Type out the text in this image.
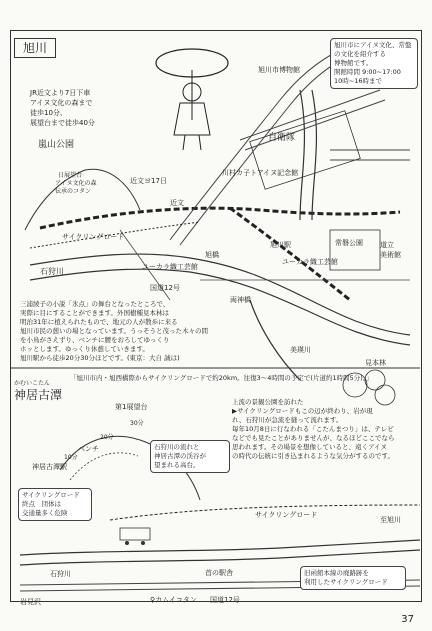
旭川
JR近文より7日下車
アイヌ文化の森まで
徒歩10分、
展望台まで徒歩40分
嵐山公園
日展望台
アイヌ文化の森
伝承のコタン
近文ヨ17日
近文
旭川市博物館
自衛隊
川村カ子トアイヌ記念館
旭川駅
ユーカラ織工芸館
ユーカラ織工芸館
常磐公園 道立
美術館
旭橋
石狩川
国道12号
サイクリングロード
両神橋
美瑛川
見本林
旭川市にアイヌ文化、常盤
の文化を紹介する
博物館です。
開館時間 9:00~17:00
10時~16時まで
三浦綾子の小説「氷点」の舞台となったところで、
実際に目にすることができます。外国樹種見本林は
明治31年に植えられたもので、地元の人が散歩に来る
旭川市民の憩いの場となっています。うっそうと茂った木々の間
を小鳥がさえずり、ベンチに腰をおろしてゆっくり
ホッとします。ゆっくり休憩していきます。
旭川駅から徒歩20分30分ほどです。(東京：大自 誠は)
かむいこたん
神居古潭
「旭川市内・旭西橋際からサイクリングロードで約20km。往復3〜4時間の予定で(片道約1時間5分)。」
上流の景観公園を訪れた
▶サイクリングロードもこの辺が終わり、岩が現
れ、石狩川が急流を縫って流れます。
毎年10月8日に行なわれる「こたんまつり」は、テレビ
などでも見たことがありませんが、なるほどここでなら
思われます。その場景を想像していると、遠くアイヌ
の時代の伝統に引き込まれるような気分がするのです。
第1展望台
ベンチ
神居古潭駅
30分
20分
10分
石狩川の流れと
神居古潭の渓谷が
望まれる高台。
サイクリングロード
終点　団体は
交通量多く危険	サイクリングロード
至旭川
石狩川
岩見沢	国道12号
♀カムイコタン
首の駅舎	旧函館本線の廃路跡を
利用したサイクリングロード
37
